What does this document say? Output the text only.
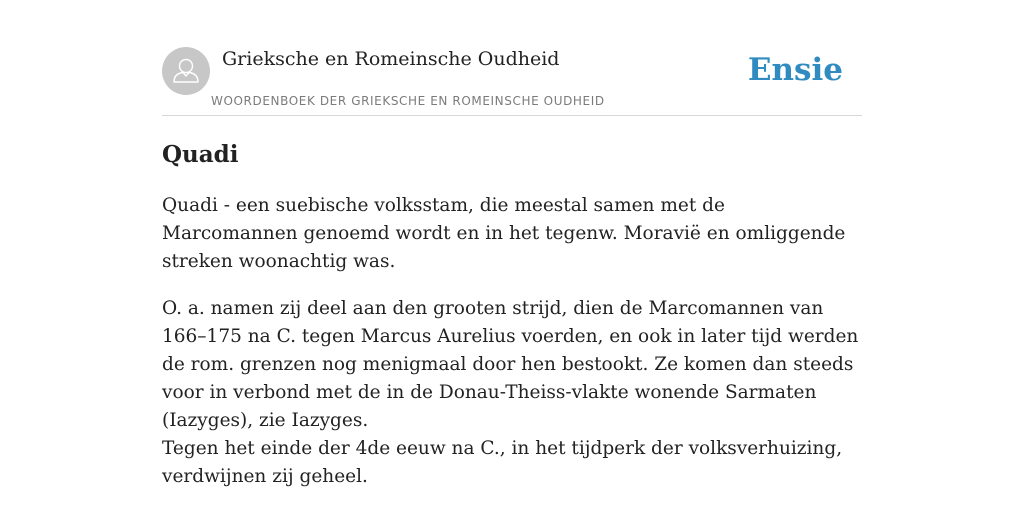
Grieksche en Romeinsche Oudheid
WOORDENBOEK DER GRIEKSCHE EN ROMEINSCHE OUDHEID
Ensie
Quadi

Quadi - een suebische volksstam, die meestal samen met de Marcomannen genoemd wordt en in het tegenw. Moravië en omliggende streken woonachtig was.

O. a. namen zij deel aan den grooten strijd, dien de Marcomannen van 166–175 na C. tegen Marcus Aurelius voerden, en ook in later tijd werden de rom. grenzen nog menigmaal door hen bestookt. Ze komen dan steeds voor in verbond met de in de Donau-Theiss-vlakte wonende Sarmaten (Iazyges), zie Iazyges.

Tegen het einde der 4de eeuw na C., in het tijdperk der volksverhuizing, verdwijnen zij geheel.
